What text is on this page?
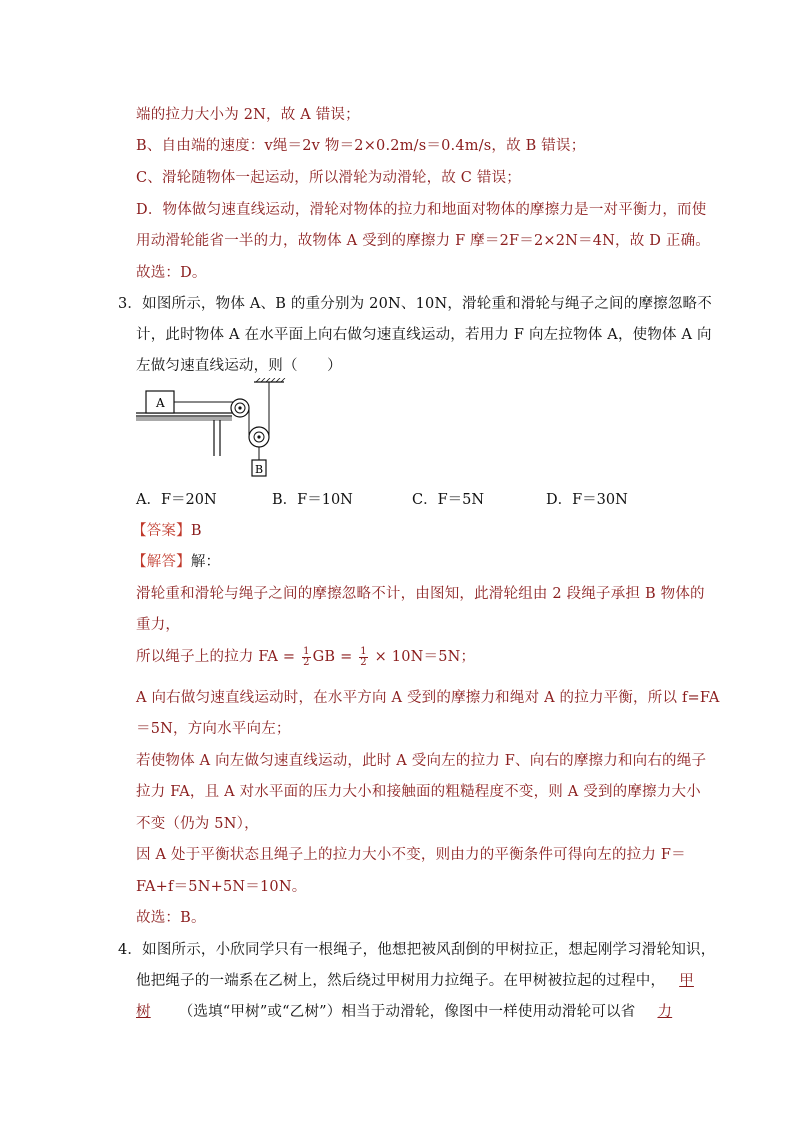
端的拉力大小为 2N，故 A 错误；
B、自由端的速度：v绳＝2v 物＝2×0.2m/s＝0.4m/s，故 B 错误；
C、滑轮随物体一起运动，所以滑轮为动滑轮，故 C 错误；
D．物体做匀速直线运动，滑轮对物体的拉力和地面对物体的摩擦力是一对平衡力，而使
用动滑轮能省一半的力，故物体 A 受到的摩擦力 F 摩＝2F＝2×2N＝4N，故 D 正确。
故选：D。
3．如图所示，物体 A、B 的重分别为 20N、10N，滑轮重和滑轮与绳子之间的摩擦忽略不
计，此时物体 A 在水平面上向右做匀速直线运动，若用力 F 向左拉物体 A，使物体 A 向
左做匀速直线运动，则（　　）
A
B
A．F＝20N	B．F＝10N	C．F＝5N	D．F＝30N
【答案】B
【解答】解：
滑轮重和滑轮与绳子之间的摩擦忽略不计，由图知，此滑轮组由 2 段绳子承担 B 物体的
重力，
所以绳子上的拉力 FA = $\frac{1}{2}$ GB = $\frac{1}{2} \times 10N=5N$；
A 向右做匀速直线运动时，在水平方向 A 受到的摩擦力和绳对 A 的拉力平衡，所以 f=FA
＝5N，方向水平向左；
若使物体 A 向左做匀速直线运动，此时 A 受向左的拉力 F、向右的摩擦力和向右的绳子
拉力 FA，且 A 对水平面的压力大小和接触面的粗糙程度不变，则 A 受到的摩擦力大小
不变（仍为 5N），
因 A 处于平衡状态且绳子上的拉力大小不变，则由力的平衡条件可得向左的拉力 F＝
FA+f＝5N+5N＝10N。
故选：B。
4．如图所示，小欣同学只有一根绳子，他想把被风刮倒的甲树拉正，想起刚学习滑轮知识，
他把绳子的一端系在乙树上，然后绕过甲树用力拉绳子。在甲树被拉起的过程中， 甲
树 （选填“甲树”或“乙树”）相当于动滑轮，像图中一样使用动滑轮可以省 力
